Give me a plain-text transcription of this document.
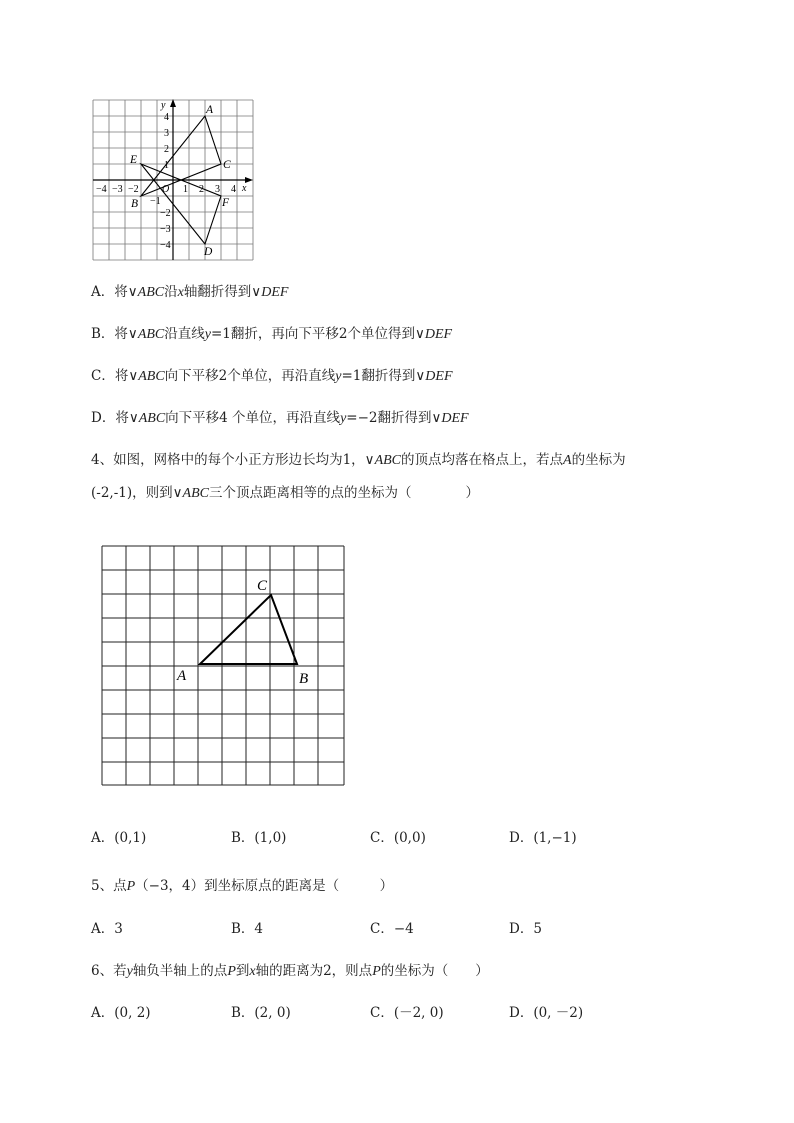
y
x
O
−4 −3 −2
−1
1 2 3 4
4
3
2
1
−2
−3
−4
A
C
E
B	F
D
A．将∨ABC沿x轴翻折得到∨DEF
B．将∨ABC沿直线y=1翻折，再向下平移2个单位得到∨DEF
C．将∨ABC向下平移2个单位，再沿直线y=1翻折得到∨DEF
D．将∨ABC向下平移4 个单位，再沿直线y=−2翻折得到∨DEF
4、如图，网格中的每个小正方形边长均为1，∨ABC的顶点均落在格点上，若点A的坐标为
(-2,-1)，则到∨ABC三个顶点距离相等的点的坐标为（　　　　）
A	B
C
A．(0,1)	B．(1,0)	C．(0,0)	D．(1,−1)
5、点P（−3，4）到坐标原点的距离是（　　　）
A．3	B．4	C．−4	D．5
6、若y轴负半轴上的点P到x轴的距离为2，则点P的坐标为（　　）
A．(0, 2)	B．(2, 0)	C．(－2, 0)	D．(0, －2)
